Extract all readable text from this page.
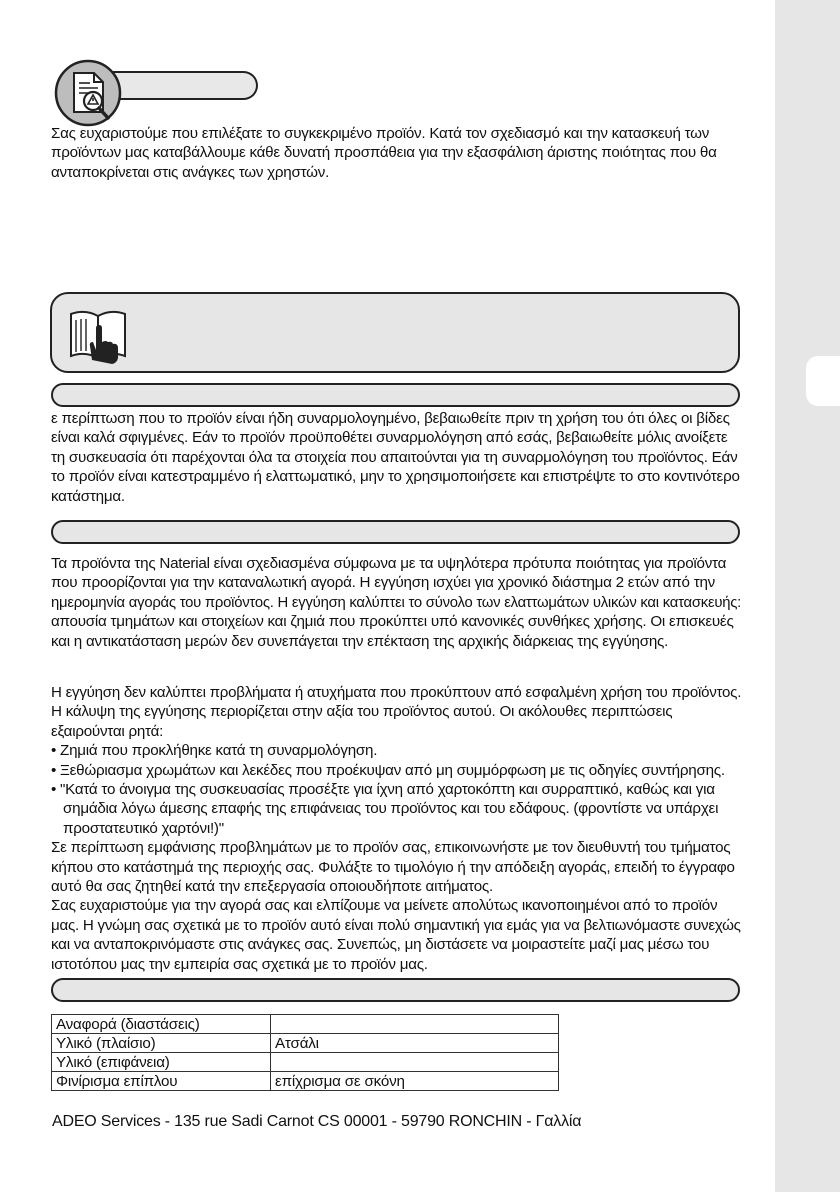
Σας ευχαριστούμε που επιλέξατε το συγκεκριμένο προϊόν. Κατά τον σχεδιασμό και την κατασκευή των
προϊόντων μας καταβάλλουμε κάθε δυνατή προσπάθεια για την εξασφάλιση άριστης ποιότητας που θα
ανταποκρίνεται στις ανάγκες των χρηστών.
ε περίπτωση που το προϊόν είναι ήδη συναρμολογημένο, βεβαιωθείτε πριν τη χρήση του ότι όλες οι βίδες
είναι καλά σφιγμένες. Εάν το προϊόν προϋποθέτει συναρμολόγηση από εσάς, βεβαιωθείτε μόλις ανοίξετε
τη συσκευασία ότι παρέχονται όλα τα στοιχεία που απαιτούνται για τη συναρμολόγηση του προϊόντος. Εάν
το προϊόν είναι κατεστραμμένο ή ελαττωματικό, μην το χρησιμοποιήσετε και επιστρέψτε το στο κοντινότερο
κατάστημα.
Τα προϊόντα της Naterial είναι σχεδιασμένα σύμφωνα με τα υψηλότερα πρότυπα ποιότητας για προϊόντα
που προορίζονται για την καταναλωτική αγορά. Η εγγύηση ισχύει για χρονικό διάστημα 2 ετών από την
ημερομηνία αγοράς του προϊόντος. Η εγγύηση καλύπτει το σύνολο των ελαττωμάτων υλικών και κατασκευής:
απουσία τμημάτων και στοιχείων και ζημιά που προκύπτει υπό κανονικές συνθήκες χρήσης. Οι επισκευές
και η αντικατάσταση μερών δεν συνεπάγεται την επέκταση της αρχικής διάρκειας της εγγύησης.
Η εγγύηση δεν καλύπτει προβλήματα ή ατυχήματα που προκύπτουν από εσφαλμένη χρήση του προϊόντος.
Η κάλυψη της εγγύησης περιορίζεται στην αξία του προϊόντος αυτού. Οι ακόλουθες περιπτώσεις
εξαιρούνται ρητά:
• Ζημιά που προκλήθηκε κατά τη συναρμολόγηση.
• Ξεθώριασμα χρωμάτων και λεκέδες που προέκυψαν από μη συμμόρφωση με τις οδηγίες συντήρησης.
• "Κατά το άνοιγμα της συσκευασίας προσέξτε για ίχνη από χαρτοκόπτη και συρραπτικό, καθώς και για
σημάδια λόγω άμεσης επαφής της επιφάνειας του προϊόντος και του εδάφους. (φροντίστε να υπάρχει
προστατευτικό χαρτόνι!)"
Σε περίπτωση εμφάνισης προβλημάτων με το προϊόν σας, επικοινωνήστε με τον διευθυντή του τμήματος
κήπου στο κατάστημά της περιοχής σας. Φυλάξτε το τιμολόγιο ή την απόδειξη αγοράς, επειδή το έγγραφο
αυτό θα σας ζητηθεί κατά την επεξεργασία οποιουδήποτε αιτήματος.
Σας ευχαριστούμε για την αγορά σας και ελπίζουμε να μείνετε απολύτως ικανοποιημένοι από το προϊόν
μας. Η γνώμη σας σχετικά με το προϊόν αυτό είναι πολύ σημαντική για εμάς για να βελτιωνόμαστε συνεχώς
και να ανταποκρινόμαστε στις ανάγκες σας. Συνεπώς, μη διστάσετε να μοιραστείτε μαζί μας μέσω του
ιστοτόπου μας την εμπειρία σας σχετικά με το προϊόν μας.
Αναφορά (διαστάσεις)	
Υλικό (πλαίσιο)	Ατσάλι
Υλικό (επιφάνεια)	
Φινίρισμα επίπλου	επίχρισμα σε σκόνη
ADEO Services - 135 rue Sadi Carnot CS 00001 - 59790 RONCHIN - Γαλλία
